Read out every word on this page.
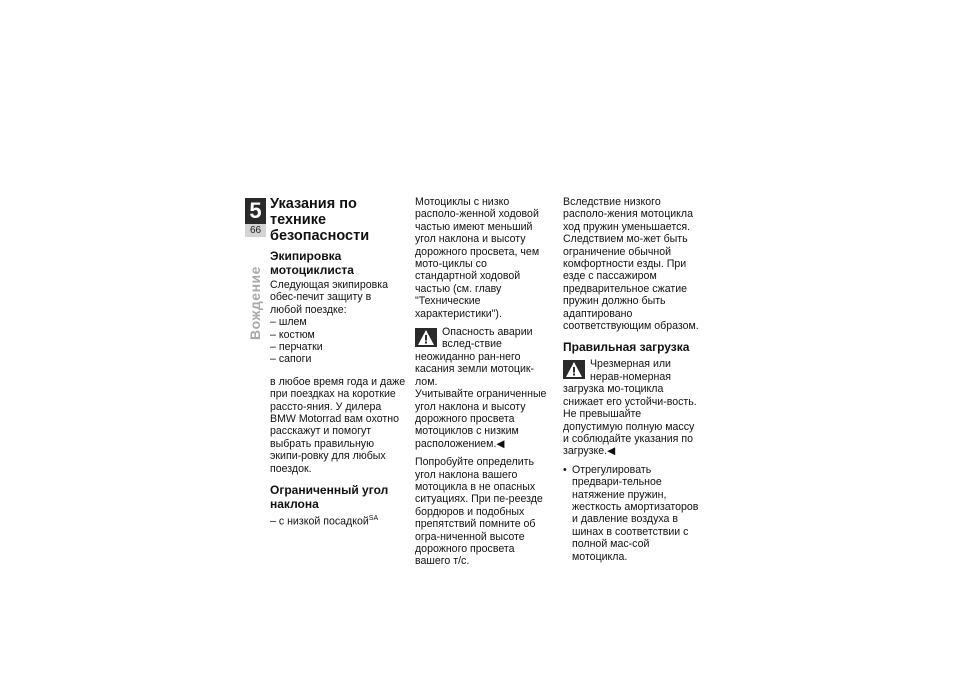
5
66
Вождение
Указания по технике безопасности
Экипировка мотоциклиста

Следующая экипировка обес-печит защиту в любой поездке:

– шлем
– костюм
– перчатки
– сапоги

в любое время года и даже при поездках на короткие рассто-яния. У дилера BMW Motorrad вам охотно расскажут и помогут выбрать правильную экипи-ровку для любых поездок.

Ограниченный угол наклона

– с низкой посадкой$^{SA}$

Мотоциклы с низко располо-женной ходовой частью имеют меньший угол наклона и высоту дорожного просвета, чем мото-циклы со стандартной ходовой частью (см. главу "Технические характеристики").

Опасность аварии вслед-ствие неожиданно ран-него касания земли мотоцик-лом.

Учитывайте ограниченные угол наклона и высоту дорожного просвета мотоциклов с низким расположением.◀

Попробуйте определить угол наклона вашего мотоцикла в не опасных ситуациях. При пе-реезде бордюров и подобных препятствий помните об огра-ниченной высоте дорожного просвета вашего т/с.

Вследствие низкого располо-жения мотоцикла ход пружин уменьшается. Следствием мо-жет быть ограничение обычной комфортности езды. При езде с пассажиром предварительное сжатие пружин должно быть адаптировано соответствующим образом.

Правильная загрузка
Чрезмерная или нерав-номерная загрузка мо-тоцикла снижает его устойчи-вость.

Не превышайте допустимую полную массу и соблюдайте указания по загрузке.◀

• Отрегулировать предвари-тельное натяжение пружин, жесткость амортизаторов и давление воздуха в шинах в соответствии с полной мас-сой мотоцикла.
